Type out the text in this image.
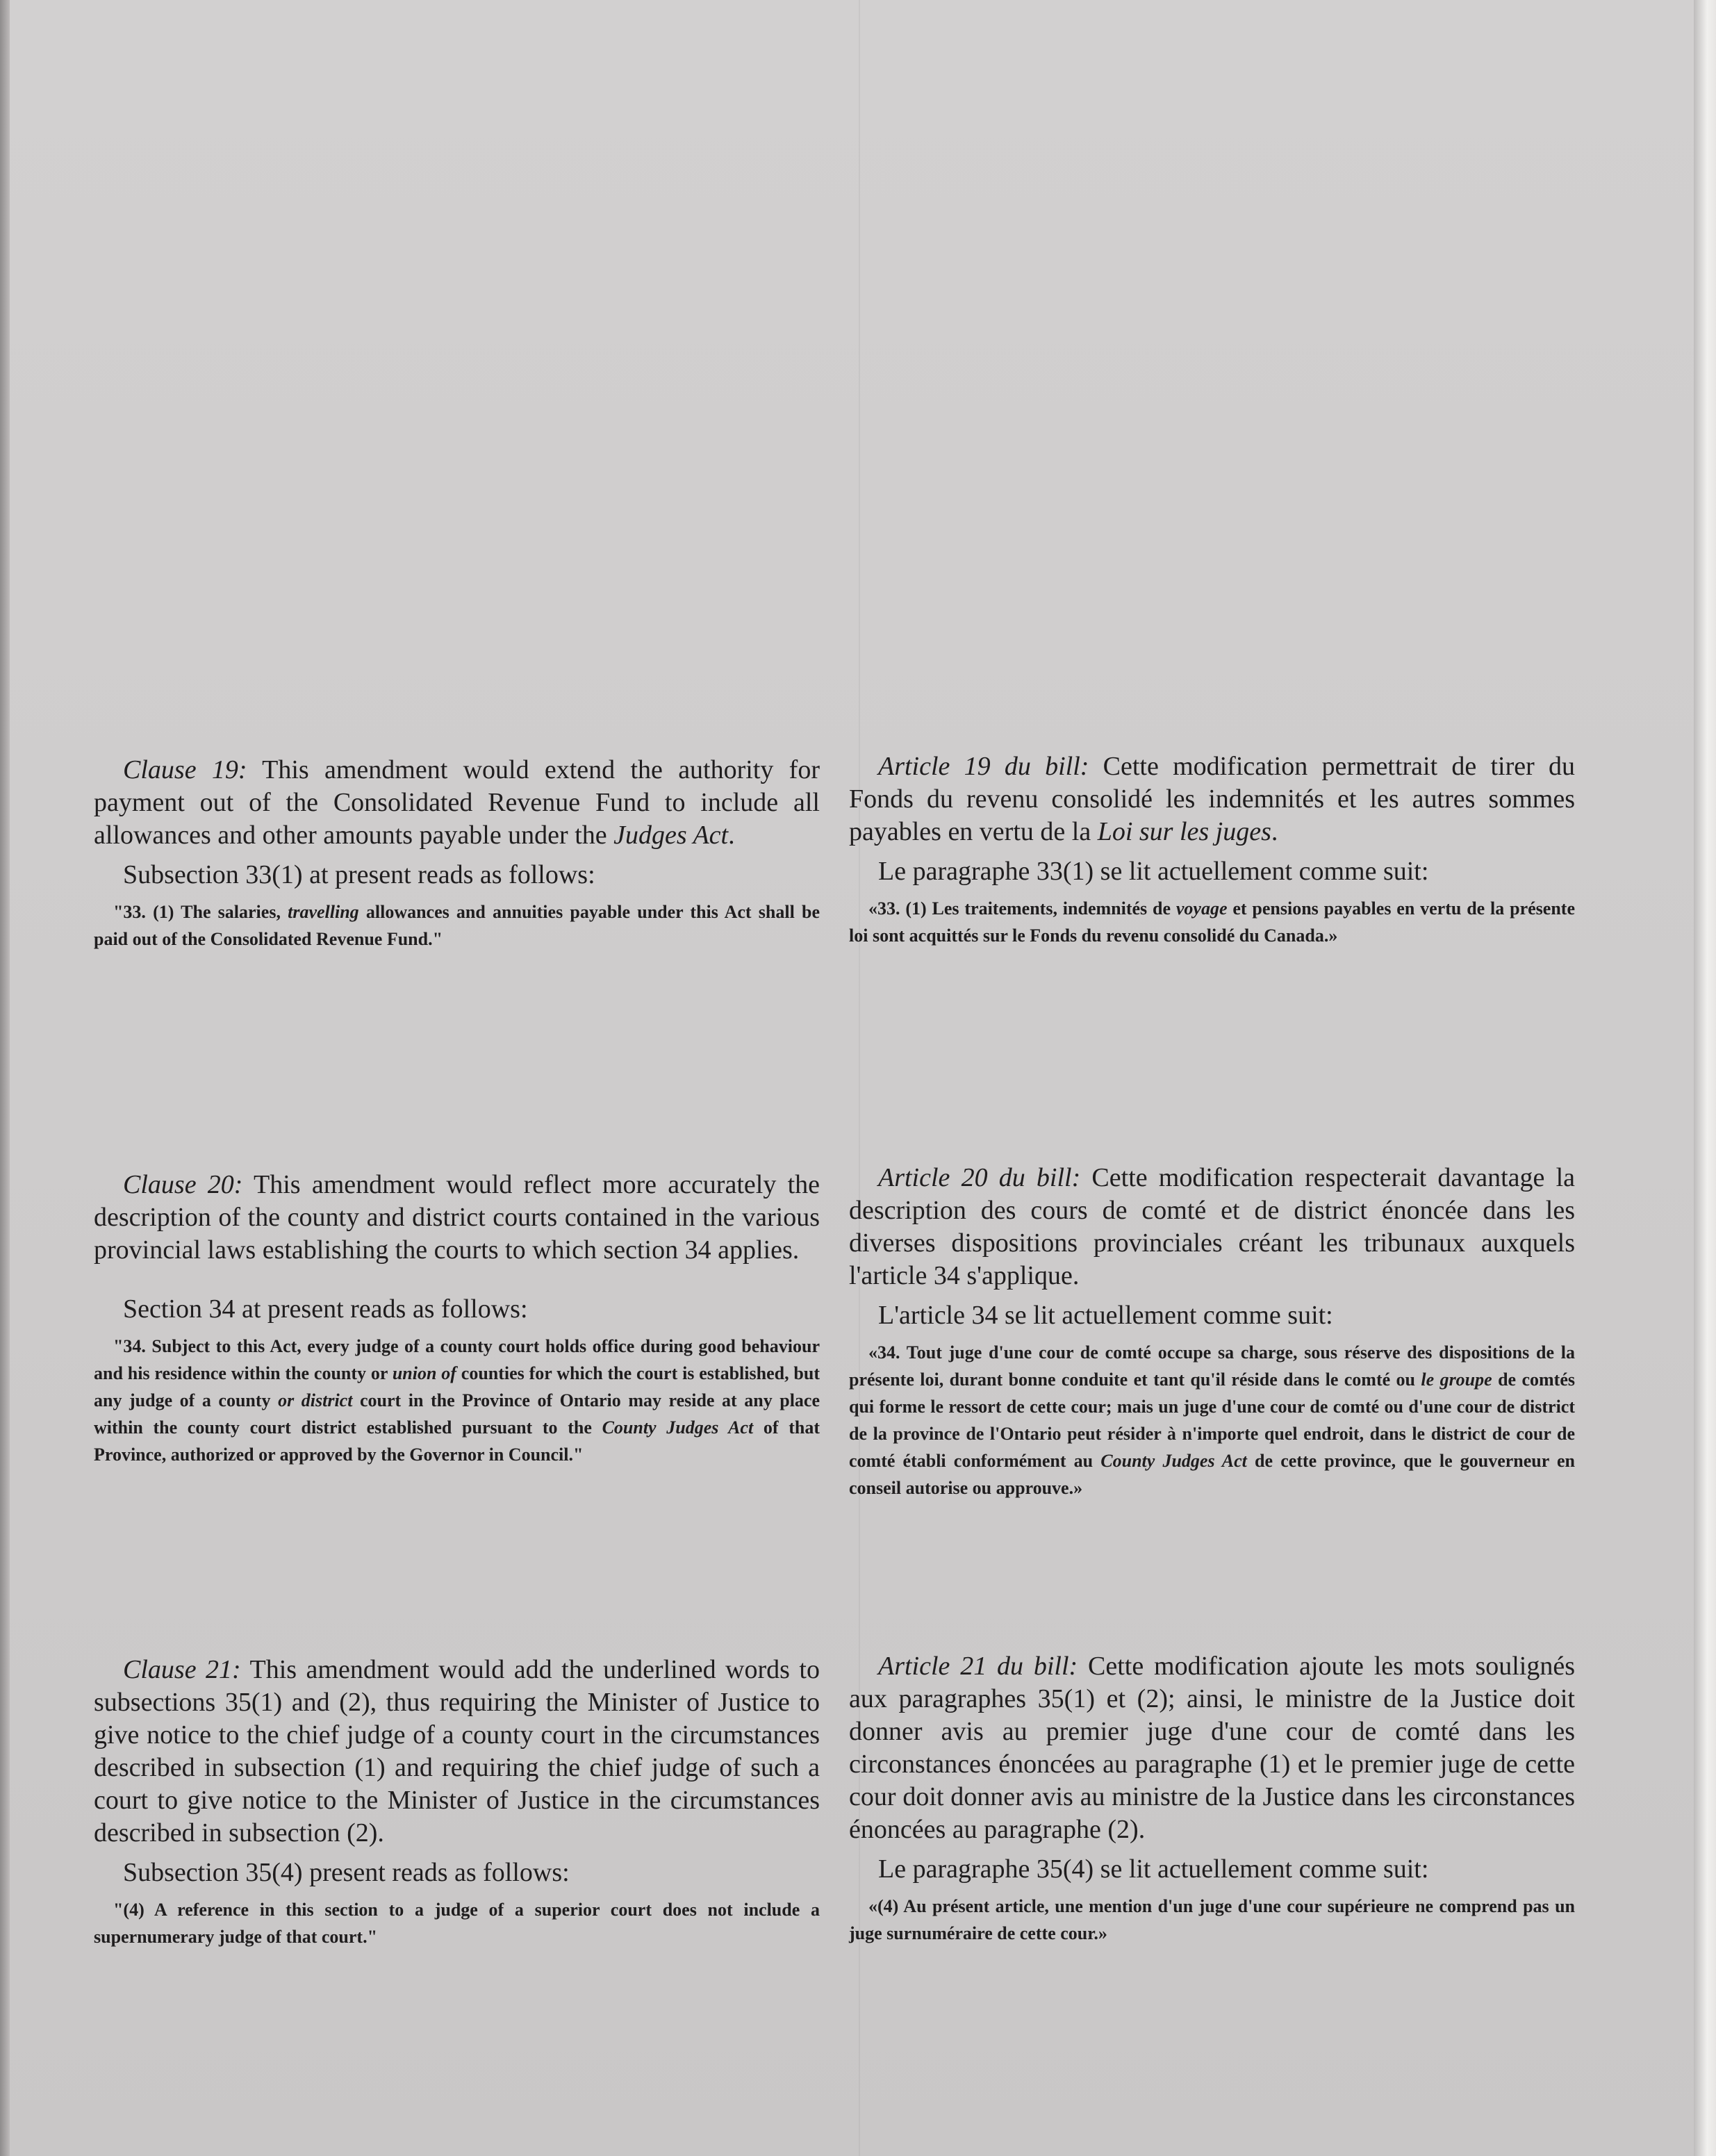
Clause 19: This amendment would extend the authority for payment out of the Consolidated Revenue Fund to include all allowances and other amounts payable under the Judges Act.

Subsection 33(1) at present reads as follows:

"33. (1) The salaries, travelling allowances and annuities payable under this Act shall be paid out of the Consolidated Revenue Fund."

Clause 20: This amendment would reflect more accurately the description of the county and district courts contained in the various provincial laws establishing the courts to which section 34 applies.

Section 34 at present reads as follows:

"34. Subject to this Act, every judge of a county court holds office during good behaviour and his residence within the county or union of counties for which the court is established, but any judge of a county or district court in the Province of Ontario may reside at any place within the county court district established pursuant to the County Judges Act of that Province, authorized or approved by the Governor in Council."

Clause 21: This amendment would add the underlined words to subsections 35(1) and (2), thus requiring the Minister of Justice to give notice to the chief judge of a county court in the circumstances described in subsection (1) and requiring the chief judge of such a court to give notice to the Minister of Justice in the circumstances described in subsection (2).

Subsection 35(4) present reads as follows:

"(4) A reference in this section to a judge of a superior court does not include a supernumerary judge of that court."

Article 19 du bill: Cette modification permettrait de tirer du Fonds du revenu consolidé les indemnités et les autres sommes payables en vertu de la Loi sur les juges.

Le paragraphe 33(1) se lit actuellement comme suit:

«33. (1) Les traitements, indemnités de voyage et pensions payables en vertu de la présente loi sont acquittés sur le Fonds du revenu consolidé du Canada.»

Article 20 du bill: Cette modification respecterait davantage la description des cours de comté et de district énoncée dans les diverses dispositions provinciales créant les tribunaux auxquels l'article 34 s'applique.

L'article 34 se lit actuellement comme suit:

«34. Tout juge d'une cour de comté occupe sa charge, sous réserve des dispositions de la présente loi, durant bonne conduite et tant qu'il réside dans le comté ou le groupe de comtés qui forme le ressort de cette cour; mais un juge d'une cour de comté ou d'une cour de district de la province de l'Ontario peut résider à n'importe quel endroit, dans le district de cour de comté établi conformément au County Judges Act de cette province, que le gouverneur en conseil autorise ou approuve.»

Article 21 du bill: Cette modification ajoute les mots soulignés aux paragraphes 35(1) et (2); ainsi, le ministre de la Justice doit donner avis au premier juge d'une cour de comté dans les circonstances énoncées au paragraphe (1) et le premier juge de cette cour doit donner avis au ministre de la Justice dans les circonstances énoncées au paragraphe (2).

Le paragraphe 35(4) se lit actuellement comme suit:

«(4) Au présent article, une mention d'un juge d'une cour supérieure ne comprend pas un juge surnuméraire de cette cour.»
